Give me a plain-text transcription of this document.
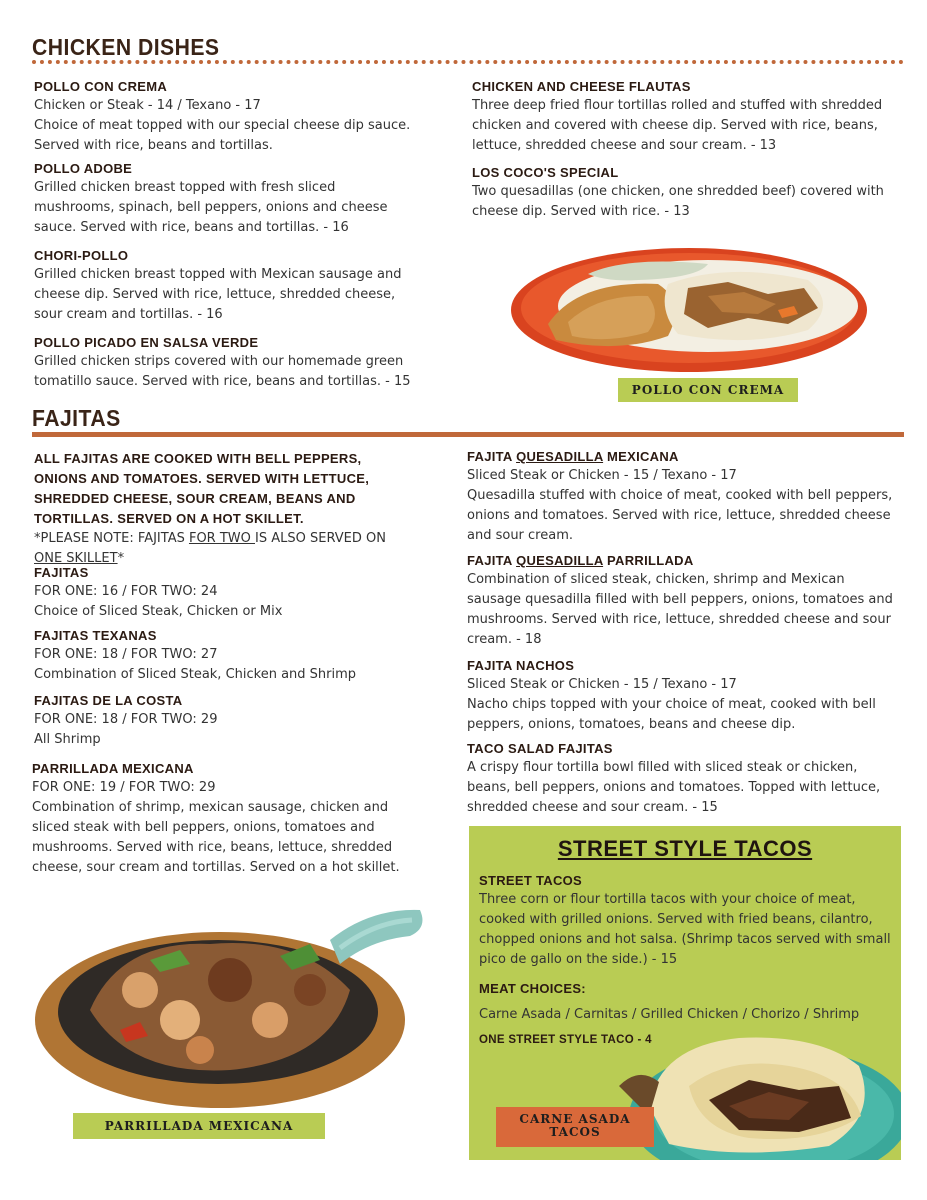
CHICKEN DISHES
POLLO CON CREMA

Chicken or Steak - 14 / Texano - 17

Choice of meat topped with our special cheese dip sauce. Served with rice, beans and tortillas.

POLLO ADOBE

Grilled chicken breast topped with fresh sliced mushrooms, spinach, bell peppers, onions and cheese sauce. Served with rice, beans and tortillas. - 16

CHORI-POLLO

Grilled chicken breast topped with Mexican sausage and cheese dip. Served with rice, lettuce, shredded cheese, sour cream and tortillas. - 16

POLLO PICADO EN SALSA VERDE

Grilled chicken strips covered with our homemade green tomatillo sauce. Served with rice, beans and tortillas. - 15

CHICKEN AND CHEESE FLAUTAS

Three deep fried flour tortillas rolled and stuffed with shredded chicken and covered with cheese dip. Served with rice, beans, lettuce, shredded cheese and sour cream. - 13

LOS COCO'S SPECIAL

Two quesadillas (one chicken, one shredded beef) covered with cheese dip. Served with rice. - 13

POLLO CON CREMA
FAJITAS
ALL FAJITAS ARE COOKED WITH BELL PEPPERS, ONIONS AND TOMATOES. SERVED WITH LETTUCE, SHREDDED CHEESE, SOUR CREAM, BEANS AND TORTILLAS. SERVED ON A HOT SKILLET.

*PLEASE NOTE: FAJITAS FOR TWO IS ALSO SERVED ON ONE SKILLET*

FAJITAS

FOR ONE: 16 / FOR TWO: 24

Choice of Sliced Steak, Chicken or Mix

FAJITAS TEXANAS

FOR ONE: 18 / FOR TWO: 27

Combination of Sliced Steak, Chicken and Shrimp

FAJITAS DE LA COSTA

FOR ONE: 18 / FOR TWO: 29

All Shrimp

PARRILLADA MEXICANA

FOR ONE: 19 / FOR TWO: 29

Combination of shrimp, mexican sausage, chicken and sliced steak with bell peppers, onions, tomatoes and mushrooms. Served with rice, beans, lettuce, shredded cheese, sour cream and tortillas. Served on a hot skillet.

FAJITA QUESADILLA MEXICANA

Sliced Steak or Chicken - 15 / Texano - 17

Quesadilla stuffed with choice of meat, cooked with bell peppers, onions and tomatoes. Served with rice, lettuce, shredded cheese and sour cream.

FAJITA QUESADILLA PARRILLADA

Combination of sliced steak, chicken, shrimp and Mexican sausage quesadilla filled with bell peppers, onions, tomatoes and mushrooms. Served with rice, lettuce, shredded cheese and sour cream. - 18

FAJITA NACHOS

Sliced Steak or Chicken - 15 / Texano - 17

Nacho chips topped with your choice of meat, cooked with bell peppers, onions, tomatoes, beans and cheese dip.

TACO SALAD FAJITAS

A crispy flour tortilla bowl filled with sliced steak or chicken, beans, bell peppers, onions and tomatoes. Topped with lettuce, shredded cheese and sour cream. - 15

PARRILLADA MEXICANA
STREET STYLE TACOS
STREET TACOS

Three corn or flour tortilla tacos with your choice of meat, cooked with grilled onions. Served with fried beans, cilantro, chopped onions and hot salsa. (Shrimp tacos served with small pico de gallo on the side.) - 15

MEAT CHOICES:
Carne Asada / Carnitas / Grilled Chicken / Chorizo / Shrimp
ONE STREET STYLE TACO - 4
CARNE ASADA
TACOS
